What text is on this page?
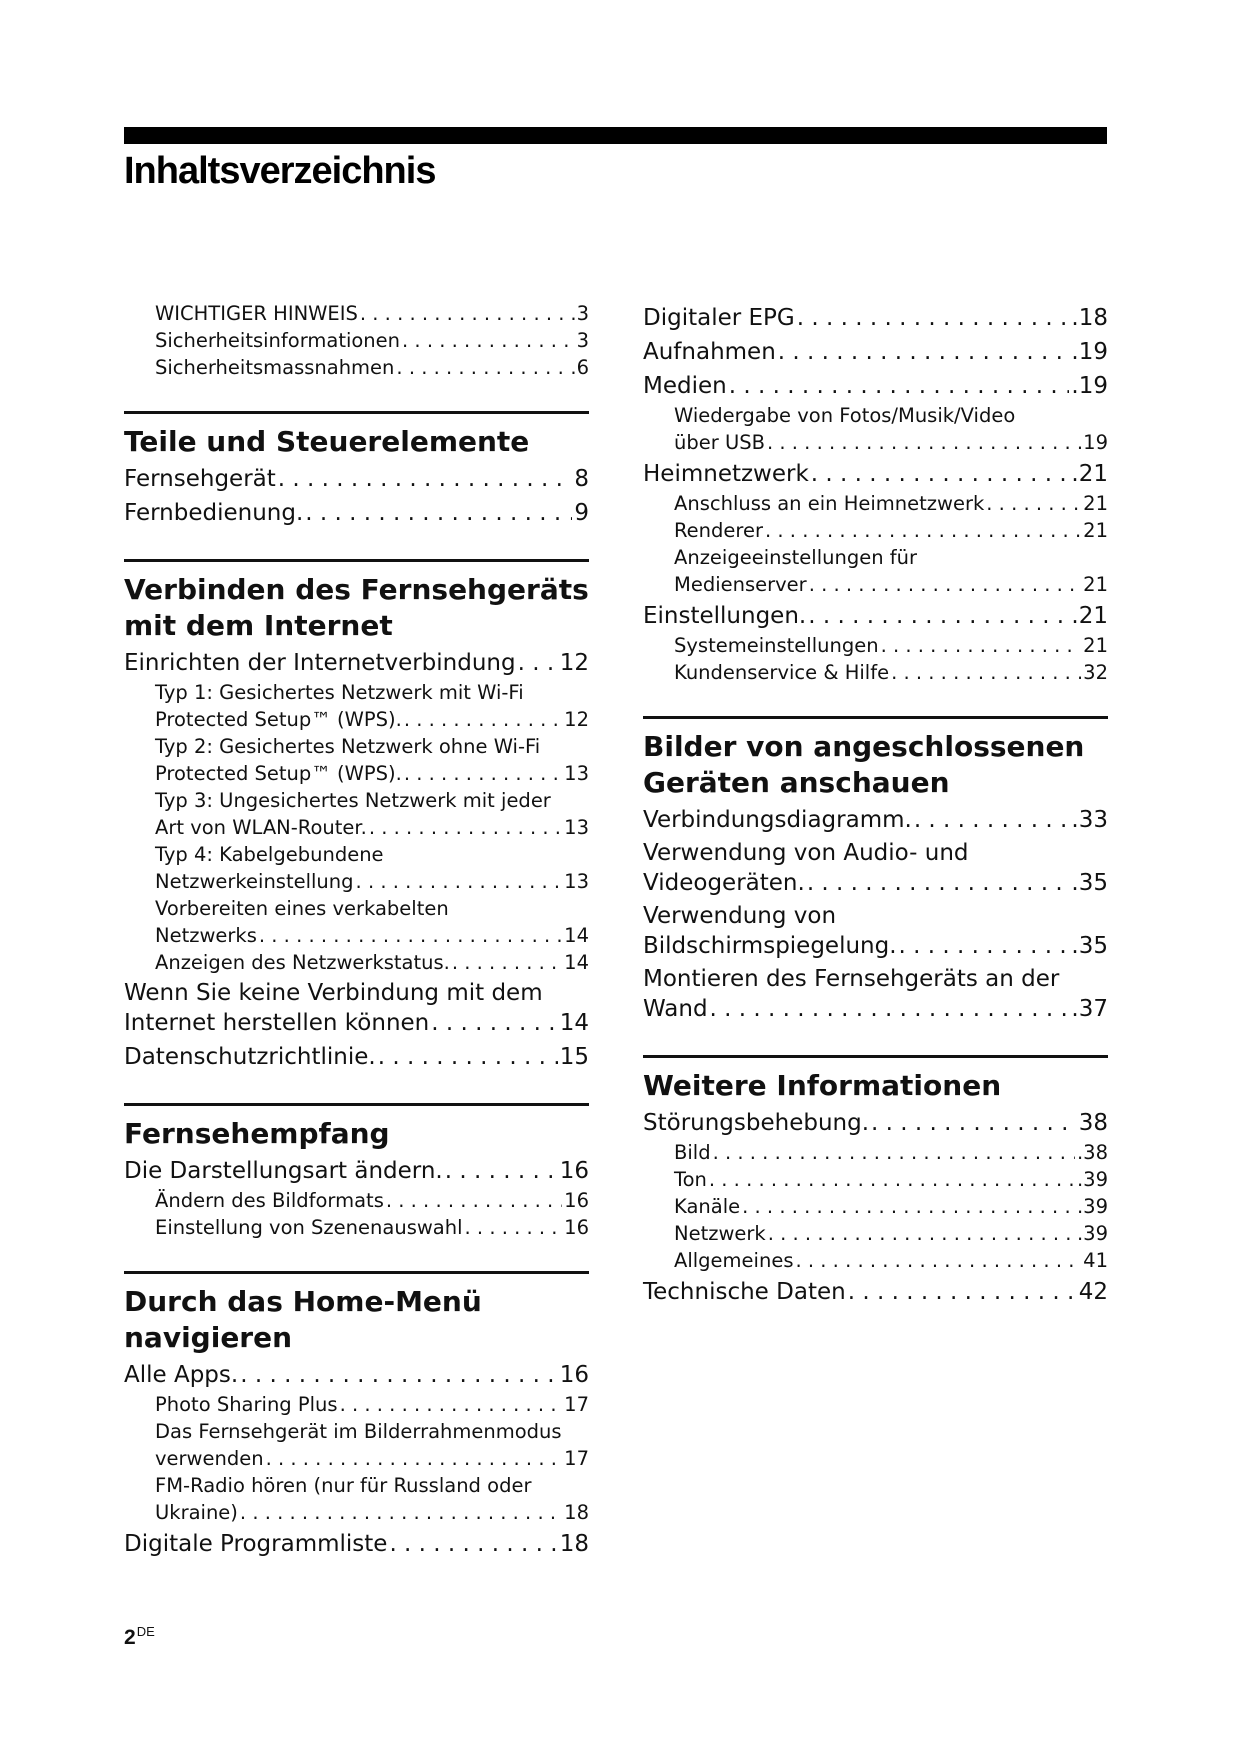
Inhaltsverzeichnis
WICHTIGER HINWEIS . . .	.3
Sicherheitsinformationen . . .	3
Sicherheitsmassnahmen . . .	.6
Teile und Steuerelemente
Fernsehgerät . . .	8
Fernbedienung. . . .	9
Verbinden des Fernsehgeräts mit dem Internet
Einrichten der Internetverbindung . . . 12
Typ 1: Gesichertes Netzwerk mit Wi-Fi
Protected Setup™ (WPS). . . .	12
Typ 2: Gesichertes Netzwerk ohne Wi-Fi
Protected Setup™ (WPS). . . .	13
Typ 3: Ungesichertes Netzwerk mit jeder
Art von WLAN-Router. . . .	13
Typ 4: Kabelgebundene
Netzwerkeinstellung . . .	13
Vorbereiten eines verkabelten
Netzwerks . . .	14
Anzeigen des Netzwerkstatus. . . .	14
Wenn Sie keine Verbindung mit dem
Internet herstellen können . . .	14
Datenschutzrichtlinie. . . .	15
Fernsehempfang
Die Darstellungsart ändern. . . .	16
Ändern des Bildformats . . .	16
Einstellung von Szenenauswahl . . .	16
Durch das Home-Menü navigieren
Alle Apps. . . .	16
Photo Sharing Plus . . .	17
Das Fernsehgerät im Bilderrahmenmodus
verwenden . . .	17
FM-Radio hören (nur für Russland oder
Ukraine) . . .	18
Digitale Programmliste . . .	18
Digitaler EPG . . .	.18
Aufnahmen . . .	.19
Medien . . .	.19
Wiedergabe von Fotos/Musik/Video
über USB . . .	19
Heimnetzwerk . . .	.21
Anschluss an ein Heimnetzwerk . . .	21
Renderer . . .	21
Anzeigeeinstellungen für
Medienserver . . .	21
Einstellungen. . . .	21
Systemeinstellungen . . .	21
Kundenservice & Hilfe . . .	32
Bilder von angeschlossenen Geräten anschauen
Verbindungsdiagramm. . . .	.33
Verwendung von Audio- und
Videogeräten. . . .	.35
Verwendung von
Bildschirmspiegelung. . . .	.35
Montieren des Fernsehgeräts an der
Wand . . .	.37
Weitere Informationen
Störungsbehebung. . . .	38
Bild . . .	.38
Ton . . .	.39
Kanäle . . .	.39
Netzwerk . . .	.39
Allgemeines . . .	41
Technische Daten . . .	42
2DE
